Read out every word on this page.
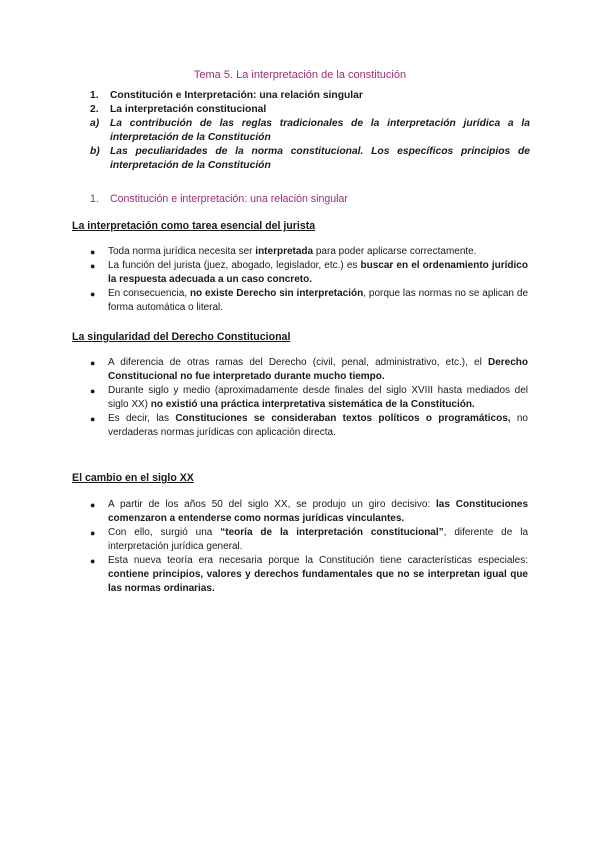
Tema 5. La interpretación de la constitución
1.	Constitución e Interpretación: una relación singular
2.	La interpretación constitucional
a)	La contribución de las reglas tradicionales de la interpretación jurídica a la interpretación de la Constitución
b) Las peculiaridades de la norma constitucional. Los específicos principios de interpretación de la Constitución
1. Constitución e interpretación: una relación singular
La interpretación como tarea esencial del jurista
●	Toda norma jurídica necesita ser interpretada para poder aplicarse correctamente.
●	La función del jurista (juez, abogado, legislador, etc.) es buscar en el ordenamiento jurídico la respuesta adecuada a un caso concreto.
●	En consecuencia, no existe Derecho sin interpretación, porque las normas no se aplican de forma automática o literal.
La singularidad del Derecho Constitucional
●	A diferencia de otras ramas del Derecho (civil, penal, administrativo, etc.), el Derecho Constitucional no fue interpretado durante mucho tiempo.
●	Durante siglo y medio (aproximadamente desde finales del siglo XVIII hasta mediados del siglo XX) no existió una práctica interpretativa sistemática de la Constitución.
●	Es decir, las Constituciones se consideraban textos políticos o programáticos, no verdaderas normas jurídicas con aplicación directa.
El cambio en el siglo XX
●	A partir de los años 50 del siglo XX, se produjo un giro decisivo: las Constituciones comenzaron a entenderse como normas jurídicas vinculantes.
●	Con ello, surgió una “teoría de la interpretación constitucional”, diferente de la interpretación jurídica general.
●	Esta nueva teoría era necesaria porque la Constitución tiene características especiales: contiene principios, valores y derechos fundamentales que no se interpretan igual que las normas ordinarias.
